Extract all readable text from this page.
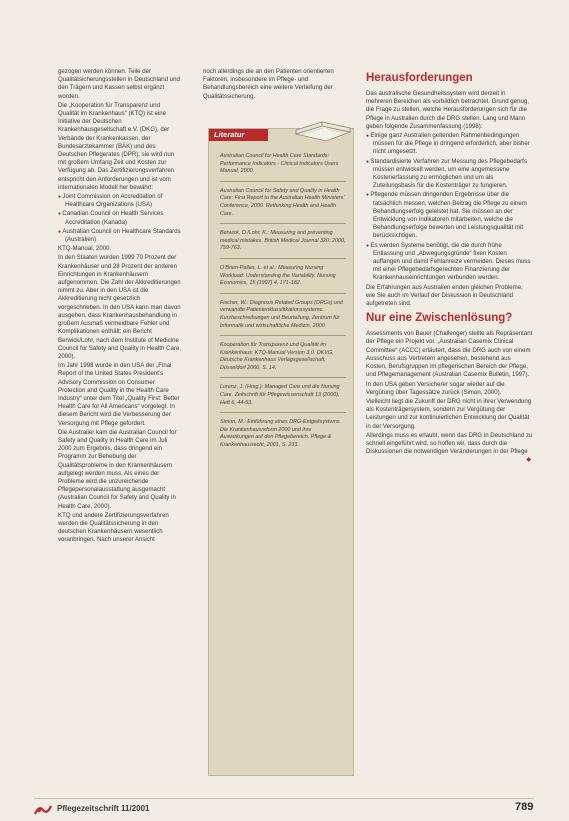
gezogen werden können. Teile der Qualitätsicherungsstellen in Deutschland und den Trägern und Kassen selbst ergänzt worden.

Die „Kooperation für Transparenz und Qualität im Krankenhaus“ (KTQ) ist eine Initiative der Deutschen Krankenhausgesellschaft e.V. (DKG), der Verbände der Krankenkassen, der Bundesärztekammer (BÄK) und des Deutschen Pflegerates (DPR); sie wird nun mit großem Umfang Zeit und Kosten zur Verfügung ab. Das Zertifizierungsverfahren entspricht den Anforderungen und ist vom internationalen Modell her bewährt:

● Joint Commission on Accreditation of Healthcare Organizations (USA)

● Canadian Council on Health Services Accreditation (Kanada)

● Australian Council on Healthcare Standards (Australien)

KTQ-Manual, 2000.

In den Staaten wurden 1999 70 Prozent der Krankenhäuser und 28 Prozent der anderen Einrichtungen in Krankenhäusern aufgenommen. Die Zahl der Akkreditierungen nimmt zu. Aber in den USA ist die Akkreditierung nicht gesetzlich vorgeschrieben. In den USA kann man davon ausgehen, dass Krankenhausbehandlung in großem Ausmaß vermeidbare Fehler und Komplikationen enthält; ein Bericht Berwick/Lohr, nach dem Institute of Medicine Council for Safety and Quality in Health Care, 2000).

Im Jahr 1998 wurde in den USA der „Final Report of the United States President’s Advisory Commission on Consumer Protection and Quality in the Health Care Industry“ unter dem Titel „Quality First: Better Health Care for All Americans“ vorgelegt. In diesem Bericht wird die Verbesserung der Versorgung mit Pflege gefordert.

Die Australier kam die Australian Council for Safety and Quality in Health Care im Juli 2000 zum Ergebnis, dass dringend ein Programm zur Behebung der Qualitätsprobleme in den Krankenhäusern aufgelegt werden muss. Als eines der Probleme wird die unzureichende Pflegepersonalausstattung ausgemacht (Australian Council for Safety and Quality in Health Care, 2000).

KTQ und andere Zertifizierungsverfahren werden die Qualitätssicherung in den deutschen Krankenhäusern wesentlich voranbringen. Nach unserer Ansicht

noch allerdings die an den Patienten orientierten Faktoren, insbesondere im Pflege- und Behandlungsbereich eine weitere Vertiefung der Qualitätssicherung.

Literatur

Australian Council for Health Care Standards: Performance Indicators - Clinical Indicators Users Manual, 2000.

Australian Council for Safety and Quality in Health Care: First Report to the Australian Health Ministers’ Conference, 2000. Rethinking Health and Health Care.

Berwick, D./Lohr, K.: Measuring and preventing medical mistakes. British Medical Journal 320: 2000, 759-763.

O’Brien-Pallas, L. et al.: Measuring Nursing Workload: Understanding the Variability. Nursing Economics, 15 (1997) 4, 171-182.

Fischer, W.: Diagnosis Related Groups (DRGs) und verwandte Patientenklassifikationssysteme. Kurzbeschreibungen und Beurteilung, Zentrum für Informatik und wirtschaftliche Medizin, 2000.

Kooperation für Transparenz und Qualität im Krankenhaus: KTQ-Manual Version 3.0. DKVG, Deutsche Krankenhaus Verlagsgesellschaft, Düsseldorf 2000, S. 14.

Lorenz, J. (Hrsg.): Managed Care und die Nursing Care. Zeitschrift für Pflegewissenschaft 13 (2000), Heft 6, 44-53.

Simon, M.: Einführung eines DRG-Entgeltsystems. Die Krankenhausreform 2000 und ihre Auswirkungen auf den Pflegebereich. Pflege & Krankenhausrecht, 2001, S. 233.

Herausforderungen

Das australische Gesundheitssystem wird derzeit in mehreren Bereichen als vorbildlich betrachtet. Grund genug, die Frage zu stellen, welche Herausforderungen sich für die Pflege in Australien durch die DRG stellen. Lang und Mann geben folgende Zusammenfassung (1998):

● Einige ganz Australien geltenden Rahmenbedingungen müssen für die Pflege in dringend erforderlich, aber bisher nicht umgesetzt.

● Standardisierte Verfahren zur Messung des Pflegebedarfs müssen entwickelt werden, um eine angemessene Kostenerfassung zu ermöglichen und um als Zuteilungsbasis für die Kostenträger zu fungieren.

● Pflegende müssen dringenden Ergebnisse über die tatsächlich messen, welchen Beitrag die Pflege zu einem Behandlungserfolg geleistet hat. Sie müssen an der Entwicklung von Indikatoren mitarbeiten, welche die Behandlungserfolge bewerten und Leistungsqualität mit berücksichtigen.

● Es werden Systeme benötigt, die die durch frühe Entlassung und „Abwegungsgründe“ fixen Kosten auffangen und damit Fehlanreize vermeiden. Dieses muss mit einer Pflegebedarfsgerechten Finanzierung der Krankenhauseinrichtungen verbunden werden.

Die Erfahrungen aus Australien enden gleichen Probleme, wie Sie auch im Verlauf der Diskussion in Deutschland aufgetreten sind.

Nur eine Zwischenlösung?

Assessments von Bauer (Challenger) stellte als Repräsentant der Pflege ein Projekt vor. „Australian Casemix Clinical Committee“ (ACCC) erläutert, dass die DRG auch von einem Ausschuss aus Vertretern angesehen, bestehend aus Kosten, Berufsgruppen im pflegerischen Bereich der Pflege, und Pflegemanagement (Australian Casemix Bulletin, 1997).

In den USA geben Versicherer sogar wieder auf die Vergütung über Tagessätze zurück (Simon, 2000).

Vielleicht liegt die Zukunft der DRG nicht in ihrer Verwendung als Kostenträgersystem, sondern zur Vergütung der Leistungen und zur kontinuierlichen Entwicklung der Qualität in der Versorgung.

Allerdings muss es erlaubt, wenn das DRG in Deutschland zu schnell eingeführt wird, so hoffen wir, dass durch die Diskussionen die notwendigen Veränderungen in der Pflege
◆

Pflegezeitschrift 11/2001	789
